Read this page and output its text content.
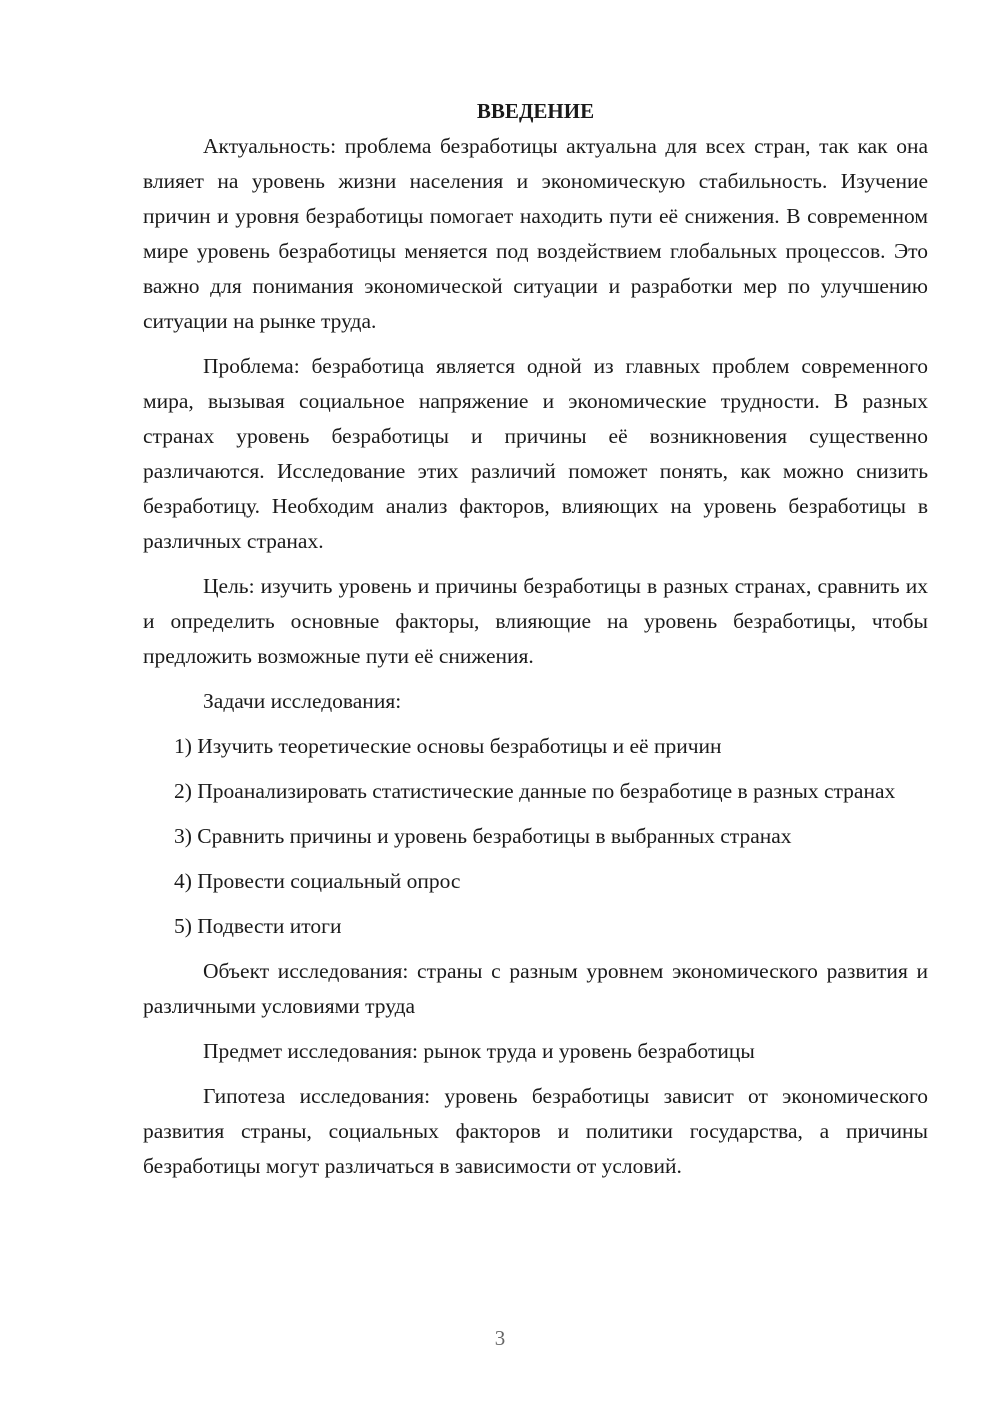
ВВЕДЕНИЕ

Актуальность: проблема безработицы актуальна для всех стран, так как она влияет на уровень жизни населения и экономическую стабильность. Изучение причин и уровня безработицы помогает находить пути её снижения. В современном мире уровень безработицы меняется под воздействием глобальных процессов. Это важно для понимания экономической ситуации и разработки мер по улучшению ситуации на рынке труда.

Проблема: безработица является одной из главных проблем современного мира, вызывая социальное напряжение и экономические трудности. В разных странах уровень безработицы и причины её возникновения существенно различаются. Исследование этих различий поможет понять, как можно снизить безработицу. Необходим анализ факторов, влияющих на уровень безработицы в различных странах.

Цель: изучить уровень и причины безработицы в разных странах, сравнить их и определить основные факторы, влияющие на уровень безработицы, чтобы предложить возможные пути её снижения.

Задачи исследования:

1) Изучить теоретические основы безработицы и её причин

2) Проанализировать статистические данные по безработице в разных странах

3) Сравнить причины и уровень безработицы в выбранных странах

4) Провести социальный опрос

5) Подвести итоги

Объект исследования: страны с разным уровнем экономического развития и различными условиями труда

Предмет исследования: рынок труда и уровень безработицы

Гипотеза исследования: уровень безработицы зависит от экономического развития страны, социальных факторов и политики государства, а причины безработицы могут различаться в зависимости от условий.

3
